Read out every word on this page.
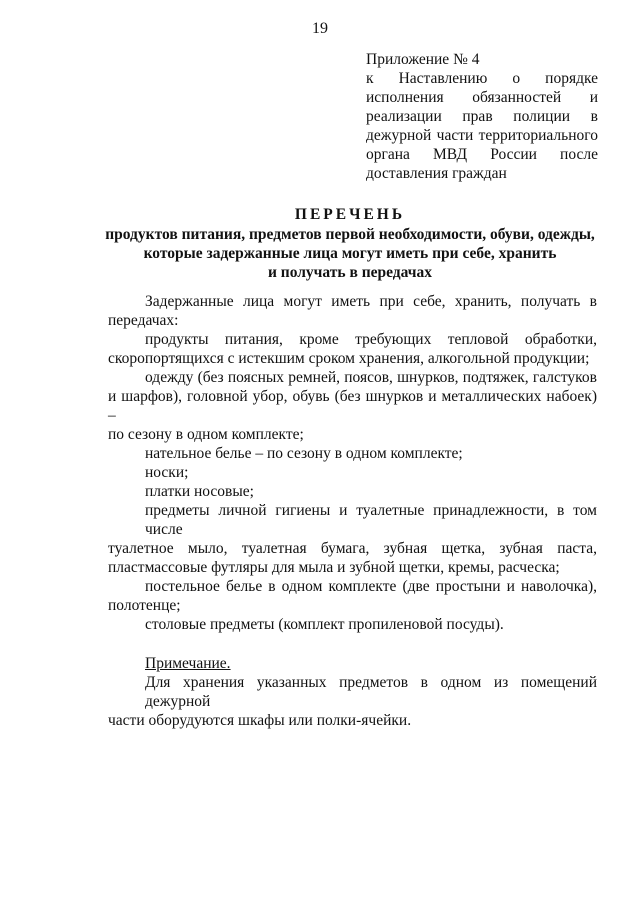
19
Приложение № 4
к Наставлению о порядке
исполнения обязанностей и
реализации прав полиции в
дежурной части территориального
органа МВД России после
доставления граждан
ПЕРЕЧЕНЬ
продуктов питания, предметов первой необходимости, обуви, одежды,
которые задержанные лица могут иметь при себе, хранить
и получать в передачах
Задержанные лица могут иметь при себе, хранить, получать в
передачах:
продукты питания, кроме требующих тепловой обработки,
скоропортящихся с истекшим сроком хранения, алкогольной продукции;
одежду (без поясных ремней, поясов, шнурков, подтяжек, галстуков
и шарфов), головной убор, обувь (без шнурков и металлических набоек) –
по сезону в одном комплекте;
нательное белье – по сезону в одном комплекте;
носки;
платки носовые;
предметы личной гигиены и туалетные принадлежности, в том числе
туалетное мыло, туалетная бумага, зубная щетка, зубная паста,
пластмассовые футляры для мыла и зубной щетки, кремы, расческа;
постельное белье в одном комплекте (две простыни и наволочка),
полотенце;
столовые предметы (комплект пропиленовой посуды).
Примечание.
Для хранения указанных предметов в одном из помещений дежурной
части оборудуются шкафы или полки-ячейки.
